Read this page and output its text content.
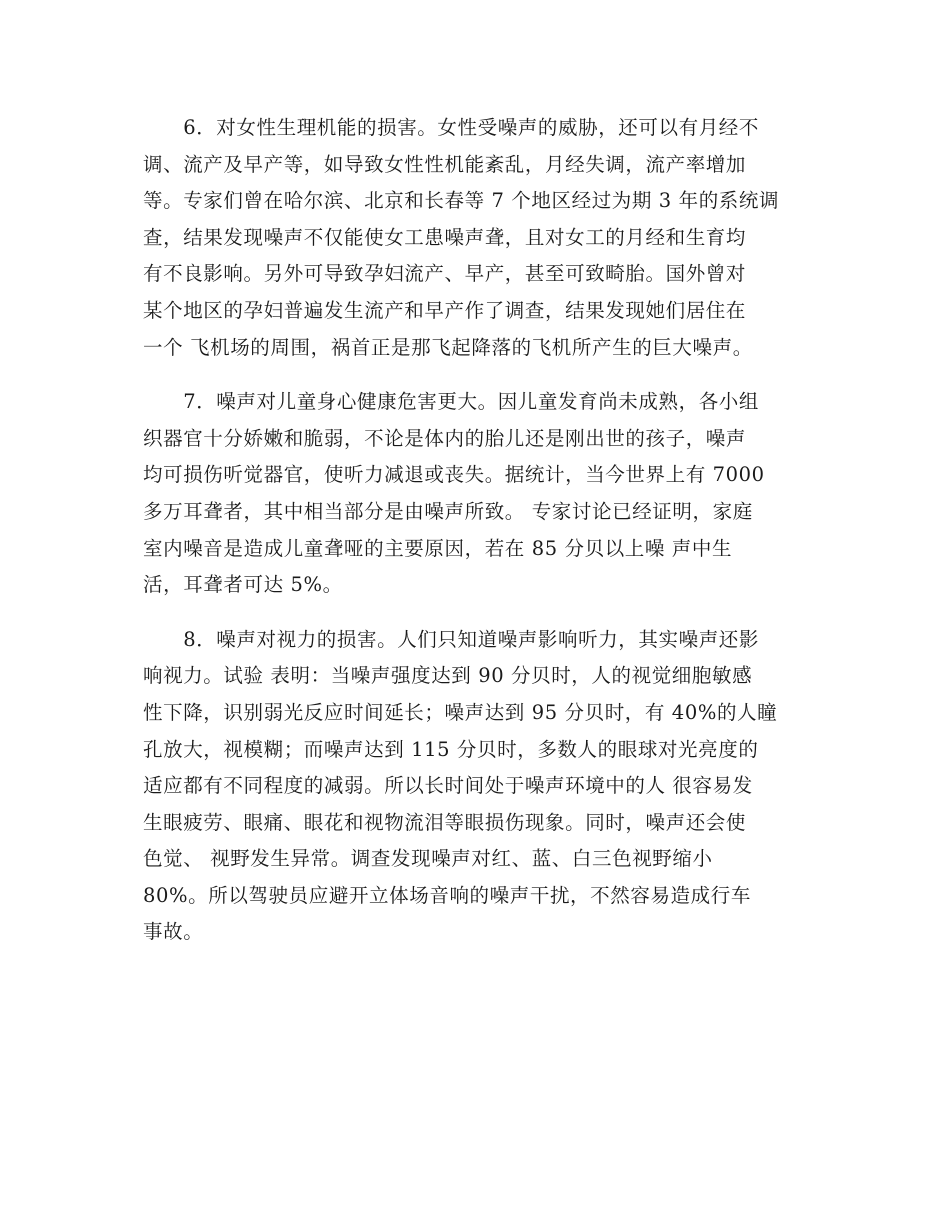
　　6．对女性生理机能的损害。女性受噪声的威胁，还可以有月经不
调、流产及早产等，如导致女性性机能紊乱，月经失调，流产率增加
等。专家们曾在哈尔滨、北京和长春等 7 个地区经过为期 3 年的系统调
查，结果发现噪声不仅能使女工患噪声聋，且对女工的月经和生育均
有不良影响。另外可导致孕妇流产、早产，甚至可致畸胎。国外曾对
某个地区的孕妇普遍发生流产和早产作了调查，结果发现她们居住在
一个 飞机场的周围，祸首正是那飞起降落的飞机所产生的巨大噪声。
　　7．噪声对儿童身心健康危害更大。因儿童发育尚未成熟，各小组
织器官十分娇嫩和脆弱，不论是体内的胎儿还是刚出世的孩子，噪声
均可损伤听觉器官，使听力减退或丧失。据统计，当今世界上有 7000
多万耳聋者，其中相当部分是由噪声所致。 专家讨论已经证明，家庭
室内噪音是造成儿童聋哑的主要原因，若在 85 分贝以上噪 声中生
活，耳聋者可达 5%。
　　8．噪声对视力的损害。人们只知道噪声影响听力，其实噪声还影
响视力。试验 表明：当噪声强度达到 90 分贝时，人的视觉细胞敏感
性下降，识别弱光反应时间延长；噪声达到 95 分贝时，有 40%的人瞳
孔放大，视模糊；而噪声达到 115 分贝时，多数人的眼球对光亮度的
适应都有不同程度的减弱。所以长时间处于噪声环境中的人 很容易发
生眼疲劳、眼痛、眼花和视物流泪等眼损伤现象。同时，噪声还会使
色觉、 视野发生异常。调查发现噪声对红、蓝、白三色视野缩小
80%。所以驾驶员应避开立体场音响的噪声干扰，不然容易造成行车
事故。
